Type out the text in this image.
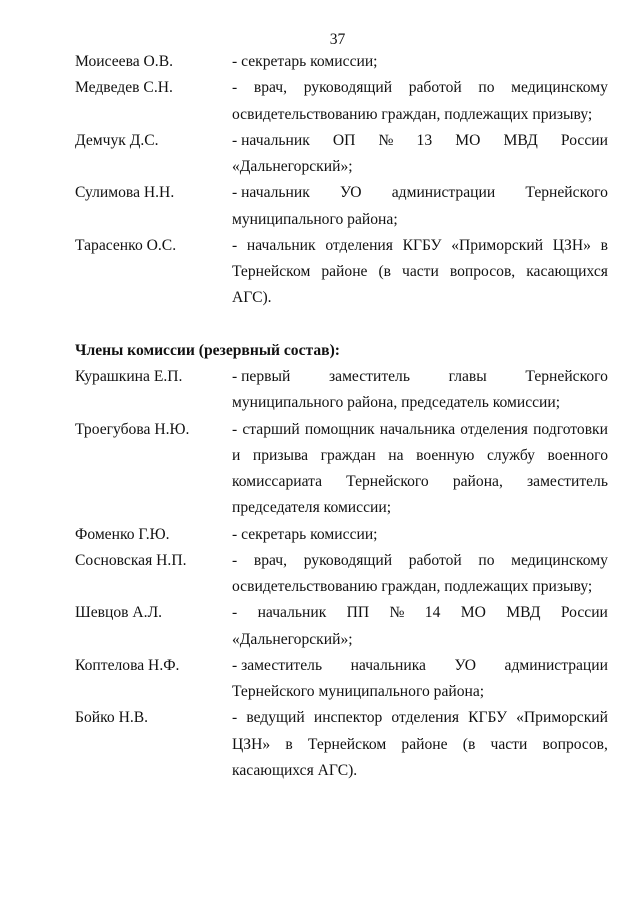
37
Моисеева О.В.	- секретарь комиссии;
Медведев С.Н.	- врач, руководящий работой по медицинскому
освидетельствованию граждан, подлежащих призыву;
Демчук Д.С.	- начальник ОП № 13 МО МВД России
«Дальнегорский»;
Сулимова Н.Н.	- начальник УО администрации Тернейского
муниципального района;
Тарасенко О.С.	- начальник отделения КГБУ «Приморский ЦЗН» в
Тернейском районе (в части вопросов, касающихся
АГС).
Члены комиссии (резервный состав):
Курашкина Е.П.	- первый заместитель главы Тернейского
муниципального района, председатель комиссии;
Троегубова Н.Ю.	- старший помощник начальника отделения подготовки
и призыва граждан на военную службу военного
комиссариата Тернейского района, заместитель
председателя комиссии;
Фоменко Г.Ю.	- секретарь комиссии;
Сосновская Н.П.	- врач, руководящий работой по медицинскому
освидетельствованию граждан, подлежащих призыву;
Шевцов А.Л.	- начальник ПП № 14 МО МВД России
«Дальнегорский»;
Коптелова Н.Ф.	- заместитель начальника УО администрации
Тернейского муниципального района;
Бойко Н.В.	- ведущий инспектор отделения КГБУ «Приморский
ЦЗН» в Тернейском районе (в части вопросов,
касающихся АГС).
